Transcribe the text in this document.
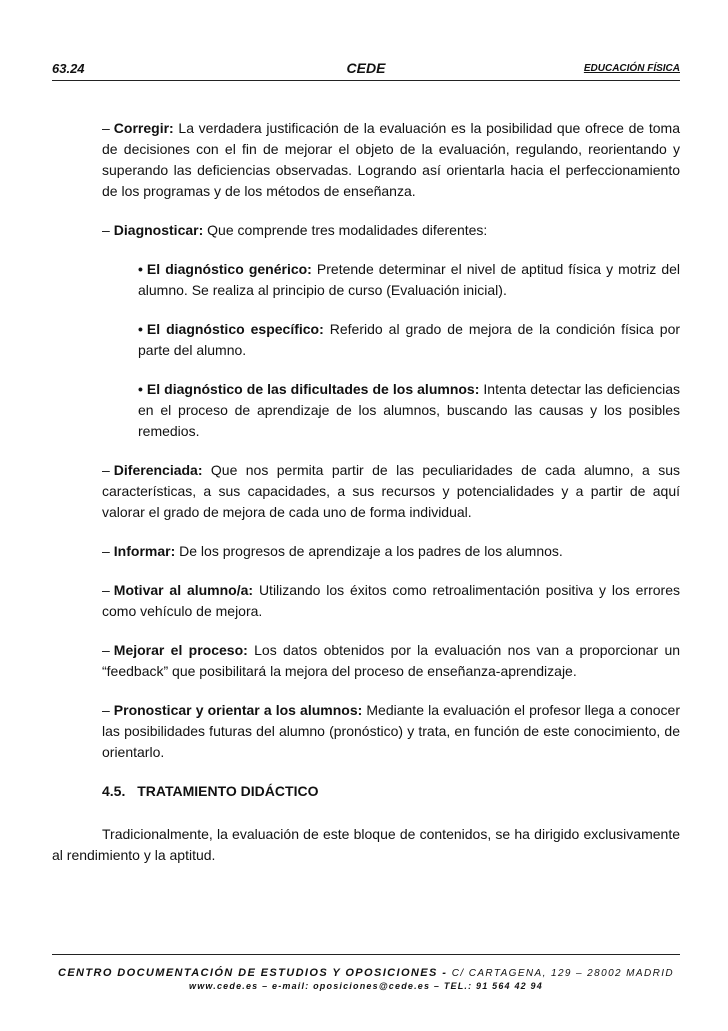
63.24	CEDE	EDUCACIÓN FÍSICA
– Corregir: La verdadera justificación de la evaluación es la posibilidad que ofrece de toma de decisiones con el fin de mejorar el objeto de la evaluación, regulando, reorientando y superando las deficiencias observadas. Logrando así orientarla hacia el perfeccionamiento de los programas y de los métodos de enseñanza.
– Diagnosticar: Que comprende tres modalidades diferentes:
• El diagnóstico genérico: Pretende determinar el nivel de aptitud física y motriz del alumno. Se realiza al principio de curso (Evaluación inicial).
• El diagnóstico específico: Referido al grado de mejora de la condición física por parte del alumno.
• El diagnóstico de las dificultades de los alumnos: Intenta detectar las deficiencias en el proceso de aprendizaje de los alumnos, buscando las causas y los posibles remedios.
– Diferenciada: Que nos permita partir de las peculiaridades de cada alumno, a sus características, a sus capacidades, a sus recursos y potencialidades y a partir de aquí valorar el grado de mejora de cada uno de forma individual.
– Informar: De los progresos de aprendizaje a los padres de los alumnos.
– Motivar al alumno/a: Utilizando los éxitos como retroalimentación positiva y los errores como vehículo de mejora.
– Mejorar el proceso: Los datos obtenidos por la evaluación nos van a proporcionar un “feedback” que posibilitará la mejora del proceso de enseñanza-aprendizaje.
– Pronosticar y orientar a los alumnos: Mediante la evaluación el profesor llega a conocer las posibilidades futuras del alumno (pronóstico) y trata, en función de este conocimiento, de orientarlo.
4.5. TRATAMIENTO DIDÁCTICO
Tradicionalmente, la evaluación de este bloque de contenidos, se ha dirigido exclusivamente al rendimiento y la aptitud.
CENTRO DOCUMENTACIÓN DE ESTUDIOS Y OPOSICIONES - C/ CARTAGENA, 129 – 28002 MADRID
www.cede.es – e-mail: oposiciones@cede.es – TEL.: 91 564 42 94
